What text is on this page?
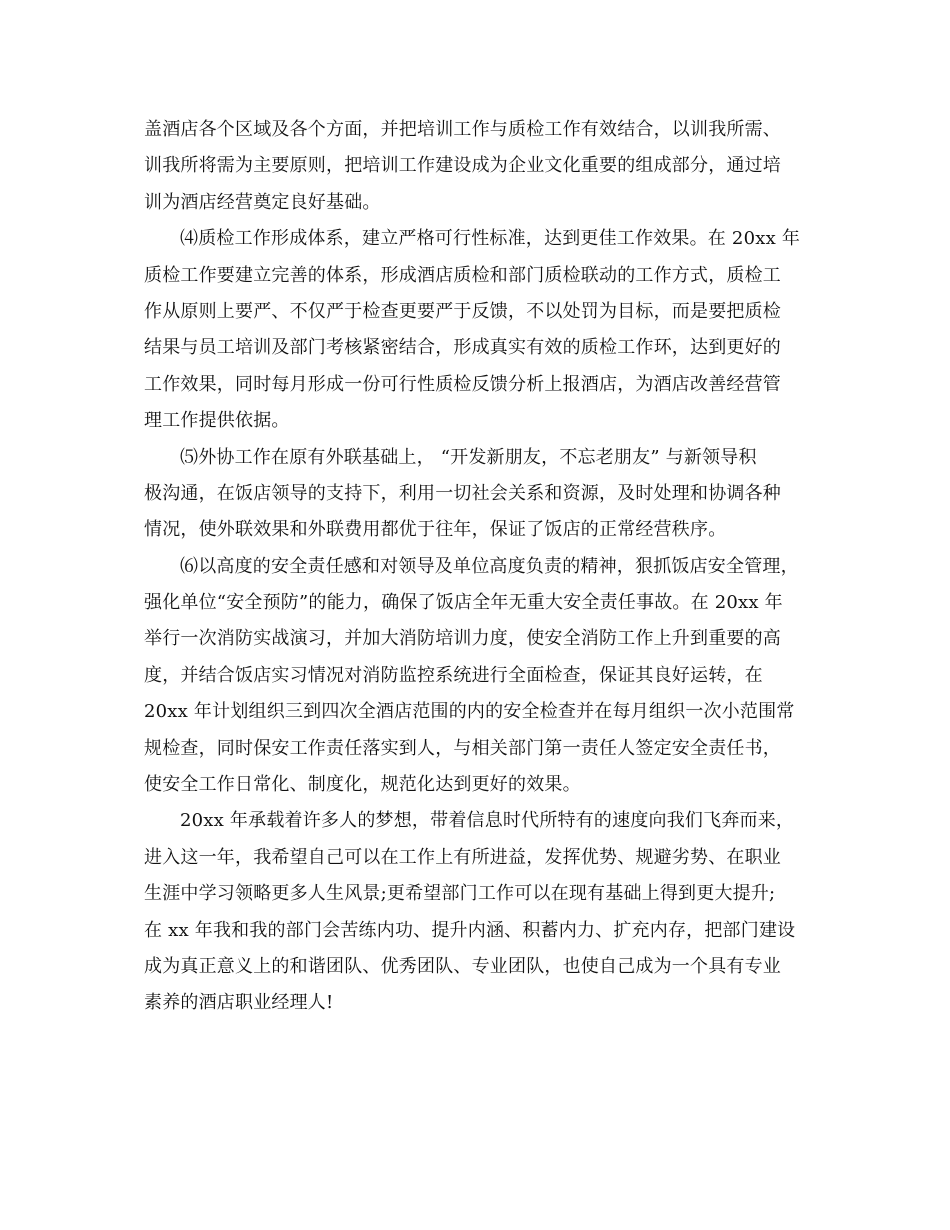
盖酒店各个区域及各个方面，并把培训工作与质检工作有效结合，以训我所需、
训我所将需为主要原则，把培训工作建设成为企业文化重要的组成部分，通过培
训为酒店经营奠定良好基础。
⑷质检工作形成体系，建立严格可行性标准，达到更佳工作效果。在 20xx 年
质检工作要建立完善的体系，形成酒店质检和部门质检联动的工作方式，质检工
作从原则上要严、不仅严于检查更要严于反馈，不以处罚为目标，而是要把质检
结果与员工培训及部门考核紧密结合，形成真实有效的质检工作环，达到更好的
工作效果，同时每月形成一份可行性质检反馈分析上报酒店，为酒店改善经营管
理工作提供依据。
⑸外协工作在原有外联基础上， “开发新朋友，不忘老朋友” 与新领导积
极沟通，在饭店领导的支持下，利用一切社会关系和资源，及时处理和协调各种
情况，使外联效果和外联费用都优于往年，保证了饭店的正常经营秩序。
⑹以高度的安全责任感和对领导及单位高度负责的精神，狠抓饭店安全管理，
强化单位“安全预防”的能力，确保了饭店全年无重大安全责任事故。在 20xx 年
举行一次消防实战演习，并加大消防培训力度，使安全消防工作上升到重要的高
度，并结合饭店实习情况对消防监控系统进行全面检查，保证其良好运转，在
20xx 年计划组织三到四次全酒店范围的内的安全检查并在每月组织一次小范围常
规检查，同时保安工作责任落实到人，与相关部门第一责任人签定安全责任书，
使安全工作日常化、制度化，规范化达到更好的效果。
20xx 年承载着许多人的梦想，带着信息时代所特有的速度向我们飞奔而来，
进入这一年，我希望自己可以在工作上有所进益，发挥优势、规避劣势、在职业
生涯中学习领略更多人生风景;更希望部门工作可以在现有基础上得到更大提升;
在 xx 年我和我的部门会苦练内功、提升内涵、积蓄内力、扩充内存，把部门建设
成为真正意义上的和谐团队、优秀团队、专业团队，也使自己成为一个具有专业
素养的酒店职业经理人!
